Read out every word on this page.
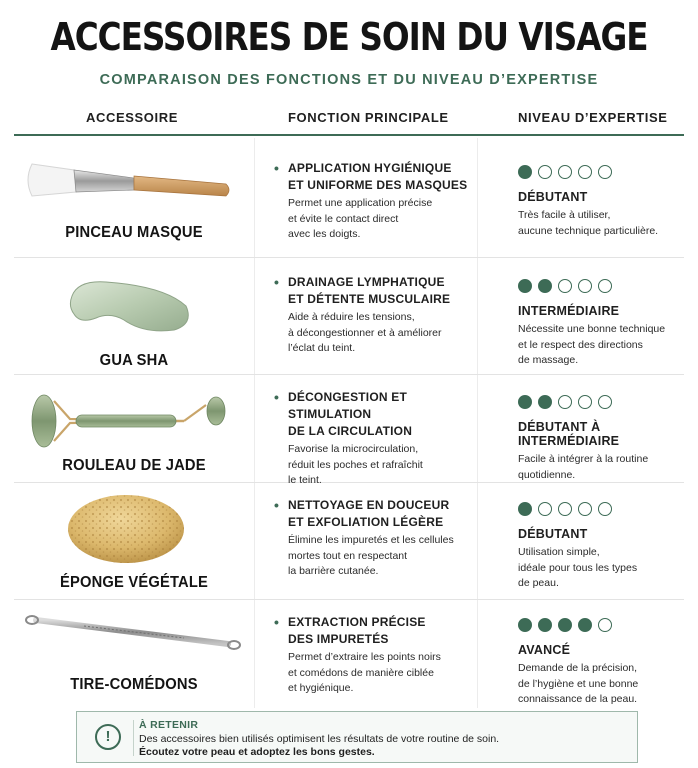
ACCESSOIRES DE SOIN DU VISAGE
COMPARAISON DES FONCTIONS ET DU NIVEAU D’EXPERTISE
ACCESSOIRE	FONCTION PRINCIPALE	NIVEAU D’EXPERTISE
PINCEAU MASQUE
• APPLICATION HYGIÉNIQUE
ET UNIFORME DES MASQUES
Permet une application précise
et évite le contact direct
avec les doigts.
DÉBUTANT
Très facile à utiliser,
aucune technique particulière.
GUA SHA
• DRAINAGE LYMPHATIQUE
ET DÉTENTE MUSCULAIRE
Aide à réduire les tensions,
à décongestionner et à améliorer
l’éclat du teint.
INTERMÉDIAIRE
Nécessite une bonne technique
et le respect des directions
de massage.
ROULEAU DE JADE
• DÉCONGESTION ET STIMULATION
DE LA CIRCULATION
Favorise la microcirculation,
réduit les poches et rafraîchit
le teint.
DÉBUTANT À INTERMÉDIAIRE
Facile à intégrer à la routine
quotidienne.
ÉPONGE VÉGÉTALE
• NETTOYAGE EN DOUCEUR
ET EXFOLIATION LÉGÈRE
Élimine les impuretés et les cellules
mortes tout en respectant
la barrière cutanée.
DÉBUTANT
Utilisation simple,
idéale pour tous les types
de peau.
TIRE-COMÉDONS
• EXTRACTION PRÉCISE
DES IMPURETÉS
Permet d’extraire les points noirs
et comédons de manière ciblée
et hygiénique.
AVANCÉ
Demande de la précision,
de l’hygiène et une bonne
connaissance de la peau.
!
À RETENIR
Des accessoires bien utilisés optimisent les résultats de votre routine de soin.
Écoutez votre peau et adoptez les bons gestes.
